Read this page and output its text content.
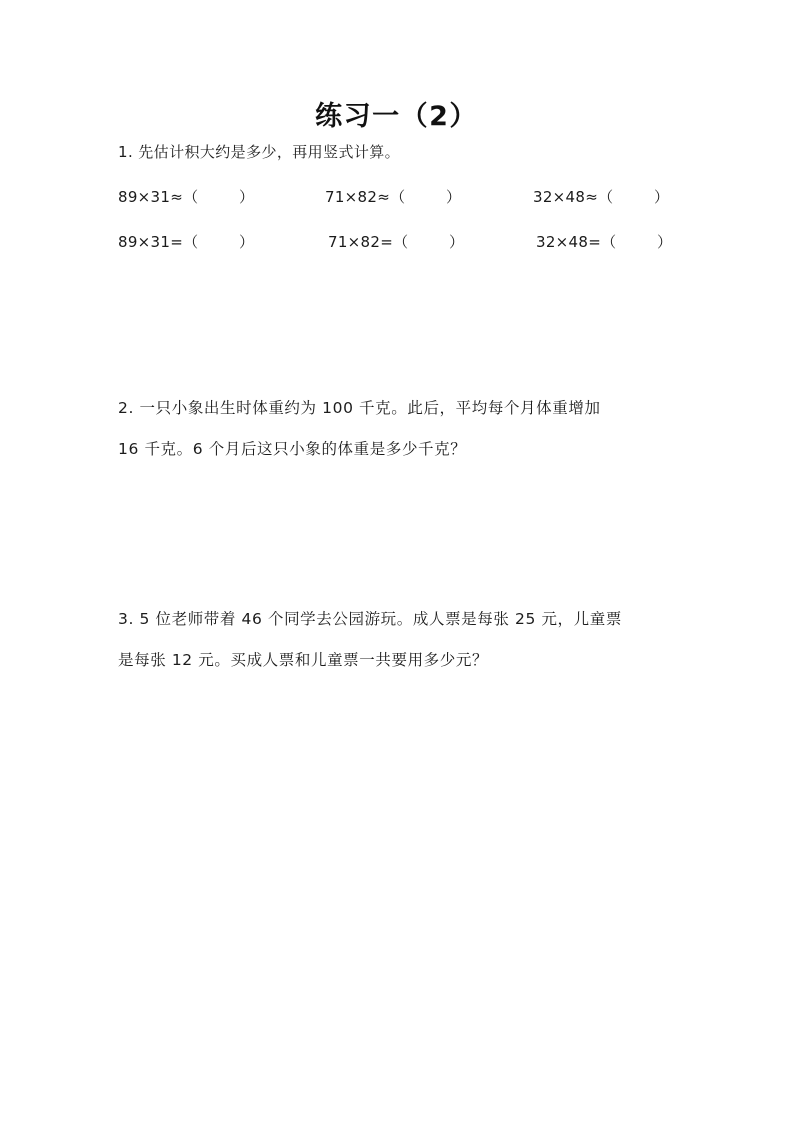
练习一（2）
1. 先估计积大约是多少，再用竖式计算。
89×31≈（        ）	71×82≈（        ）	32×48≈（        ）
89×31=（        ）	71×82=（        ）	32×48=（        ）
2. 一只小象出生时体重约为 100 千克。此后，平均每个月体重增加
16 千克。6 个月后这只小象的体重是多少千克？
3. 5 位老师带着 46 个同学去公园游玩。成人票是每张 25 元，儿童票
是每张 12 元。买成人票和儿童票一共要用多少元？
